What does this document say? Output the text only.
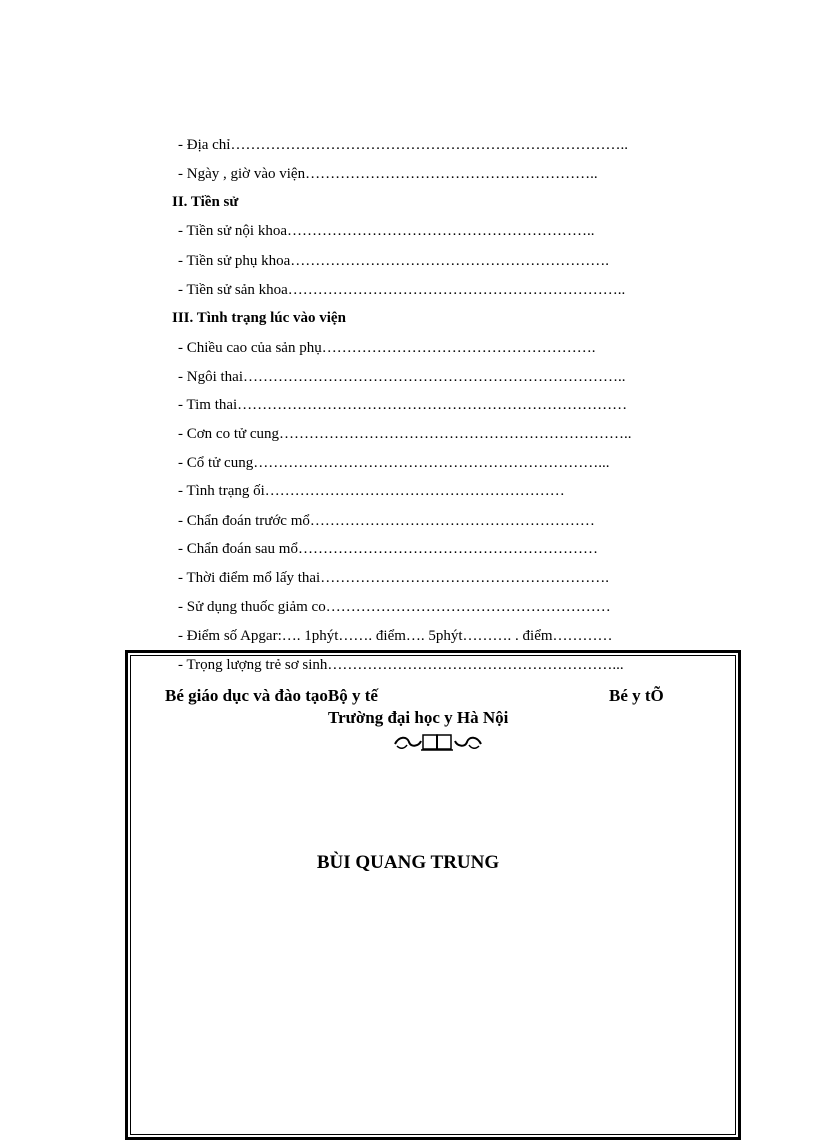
- Địa chỉ……………………………………………………………………..
- Ngày , giờ vào viện…………………………………………………..
II. Tiền sử
- Tiền sử nội khoa……………………………………………………..
- Tiền sử phụ khoa……………………………………………………….
- Tiền sử sản khoa…………………………………………………………..
III. Tình trạng lúc vào viện
- Chiều cao của sản phụ……………………………………………….
- Ngôi thai…………………………………………………………………..
- Tim thai……………………………………………………………………
- Cơn co tử cung……………………………………………………………..
- Cổ tử cung……………………………………………………………...
- Tình trạng ối……………………………………………………
- Chẩn đoán trước mổ…………………………………………………
- Chẩn đoán sau mổ……………………………………………………
- Thời điểm mổ lấy thai………………………………………………….
- Sử dụng thuốc giảm co…………………………………………………
- Điểm số Apgar:…. 1phýt……. điểm…. 5phýt………. . điểm…………
- Trọng lượng trẻ sơ sinh…………………………………………………...
Bé giáo dục và đào tạoBộ y tế	Bé y tÕ
Trường đại học y Hà Nội
BÙI QUANG TRUNG
